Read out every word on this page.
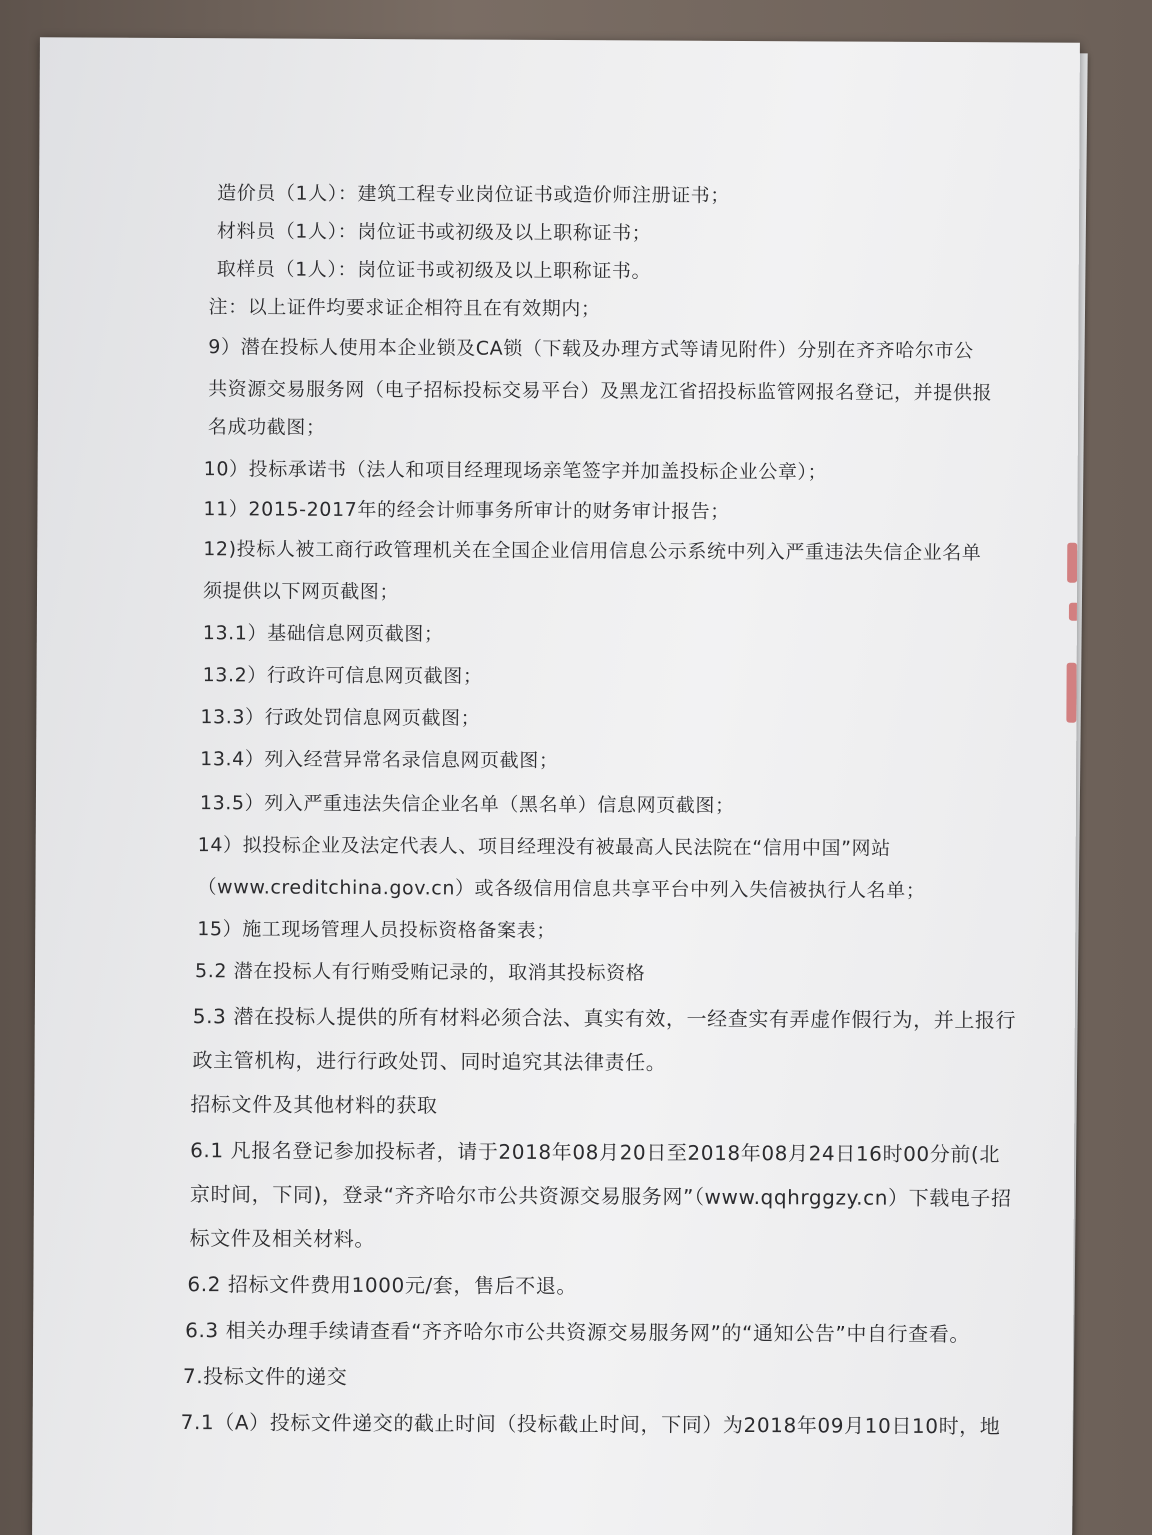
造价员（1人）：建筑工程专业岗位证书或造价师注册证书；
材料员（1人）：岗位证书或初级及以上职称证书；
取样员（1人）：岗位证书或初级及以上职称证书。
注：以上证件均要求证企相符且在有效期内；
9）潜在投标人使用本企业锁及CA锁（下载及办理方式等请见附件）分别在齐齐哈尔市公
共资源交易服务网（电子招标投标交易平台）及黑龙江省招投标监管网报名登记，并提供报
名成功截图；
10）投标承诺书（法人和项目经理现场亲笔签字并加盖投标企业公章）；
11）2015-2017年的经会计师事务所审计的财务审计报告；
12)投标人被工商行政管理机关在全国企业信用信息公示系统中列入严重违法失信企业名单
须提供以下网页截图；
13.1）基础信息网页截图；
13.2）行政许可信息网页截图；
13.3）行政处罚信息网页截图；
13.4）列入经营异常名录信息网页截图；
13.5）列入严重违法失信企业名单（黑名单）信息网页截图；
14）拟投标企业及法定代表人、项目经理没有被最高人民法院在“信用中国”网站
（www.creditchina.gov.cn）或各级信用信息共享平台中列入失信被执行人名单；
15）施工现场管理人员投标资格备案表；
5.2 潜在投标人有行贿受贿记录的，取消其投标资格
5.3 潜在投标人提供的所有材料必须合法、真实有效，一经查实有弄虚作假行为，并上报行
政主管机构，进行行政处罚、同时追究其法律责任。
招标文件及其他材料的获取
6.1 凡报名登记参加投标者，请于2018年08月20日至2018年08月24日16时00分前(北
京时间，下同)，登录“齐齐哈尔市公共资源交易服务网”（www.qqhrggzy.cn）下载电子招
标文件及相关材料。
6.2 招标文件费用1000元/套，售后不退。
6.3 相关办理手续请查看“齐齐哈尔市公共资源交易服务网”的“通知公告”中自行查看。
7.投标文件的递交
7.1（A）投标文件递交的截止时间（投标截止时间，下同）为2018年09月10日10时，地
